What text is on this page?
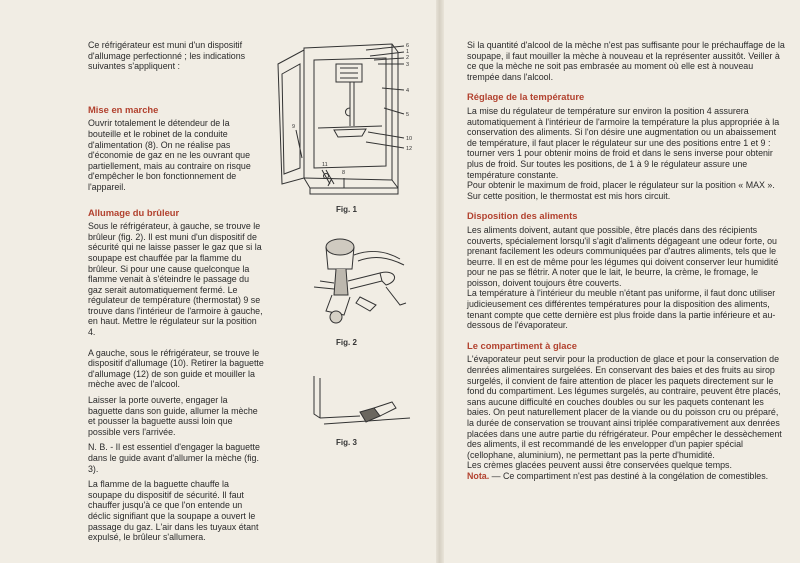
Ce réfrigérateur est muni d'un dispositif d'allumage perfectionné ; les indications suivantes s'appliquent :

Mise en marche

Ouvrir totalement le détendeur de la bouteille et le robinet de la conduite d'alimentation (8). On ne réalise pas d'économie de gaz en ne les ouvrant que partiellement, mais au contraire on risque d'empêcher le bon fonctionnement de l'appareil.

Allumage du brûleur

Sous le réfrigérateur, à gauche, se trouve le brûleur (fig. 2). Il est muni d'un dispositif de sécurité qui ne laisse passer le gaz que si la soupape est chauffée par la flamme du brûleur. Si pour une cause quelconque la flamme venait à s'éteindre le passage du gaz serait automatiquement fermé. Le régulateur de température (thermostat) 9 se trouve dans l'intérieur de l'armoire à gauche, en haut. Mettre le régulateur sur la position 4.

A gauche, sous le réfrigérateur, se trouve le dispositif d'allumage (10). Retirer la baguette d'allumage (12) de son guide et mouiller la mèche avec de l'alcool.

Laisser la porte ouverte, engager la baguette dans son guide, allumer la mèche et pousser la baguette aussi loin que possible vers l'arrivée.

N. B. - Il est essentiel d'engager la baguette dans le guide avant d'allumer la mèche (fig. 3).

La flamme de la baguette chauffe la soupape du dispositif de sécurité. Il faut chauffer jusqu'à ce que l'on entende un déclic signifiant que la soupape a ouvert le passage du gaz. L'air dans les tuyaux étant expulsé, le brûleur s'allumera.

6
1
2
3
4
5
9
10
12
11
8
Fig. 1
Fig. 2
Fig. 3

Si la quantité d'alcool de la mèche n'est pas suffisante pour le préchauffage de la soupape, il faut mouiller la mèche à nouveau et la représenter aussitôt. Veiller à ce que la mèche ne soit pas embrasée au moment où elle est à nouveau trempée dans l'alcool.

Réglage de la température

La mise du régulateur de température sur environ la position 4 assurera automatiquement à l'intérieur de l'armoire la température la plus appropriée à la conservation des aliments. Si l'on désire une augmentation ou un abaissement de température, il faut placer le régulateur sur une des positions entre 1 et 9 : tourner vers 1 pour obtenir moins de froid et dans le sens inverse pour obtenir plus de froid. Sur toutes les positions, de 1 à 9 le régulateur assure une température constante.

Pour obtenir le maximum de froid, placer le régulateur sur la position « MAX ». Sur cette position, le thermostat est mis hors circuit.

Disposition des aliments

Les aliments doivent, autant que possible, être placés dans des récipients couverts, spécialement lorsqu'il s'agit d'aliments dégageant une odeur forte, ou prenant facilement les odeurs communiquées par d'autres aliments, tels que le beurre. Il en est de même pour les légumes qui doivent conserver leur humidité pour ne pas se flétrir. A noter que le lait, le beurre, la crème, le fromage, le poisson, doivent toujours être couverts.

La température à l'intérieur du meuble n'étant pas uniforme, il faut donc utiliser judicieusement ces différentes températures pour la disposition des aliments, tenant compte que cette dernière est plus froide dans la partie inférieure et au-dessous de l'évaporateur.

Le compartiment à glace

L'évaporateur peut servir pour la production de glace et pour la conservation de denrées alimentaires surgelées. En conservant des baies et des fruits au sirop surgelés, il convient de faire attention de placer les paquets directement sur le fond du compartiment. Les légumes surgelés, au contraire, peuvent être placés, sans aucune difficulté en couches doubles ou sur les paquets contenant les baies. On peut naturellement placer de la viande ou du poisson cru ou préparé, la durée de conservation se trouvant ainsi triplée comparativement aux denrées placées dans une autre partie du réfrigérateur. Pour empêcher le dessèchement des aliments, il est recommandé de les envelopper d'un papier spécial (cellophane, aluminium), ne permettant pas la perte d'humidité.

Les crèmes glacées peuvent aussi être conservées quelque temps.

Nota. — Ce compartiment n'est pas destiné à la congélation de comestibles.
